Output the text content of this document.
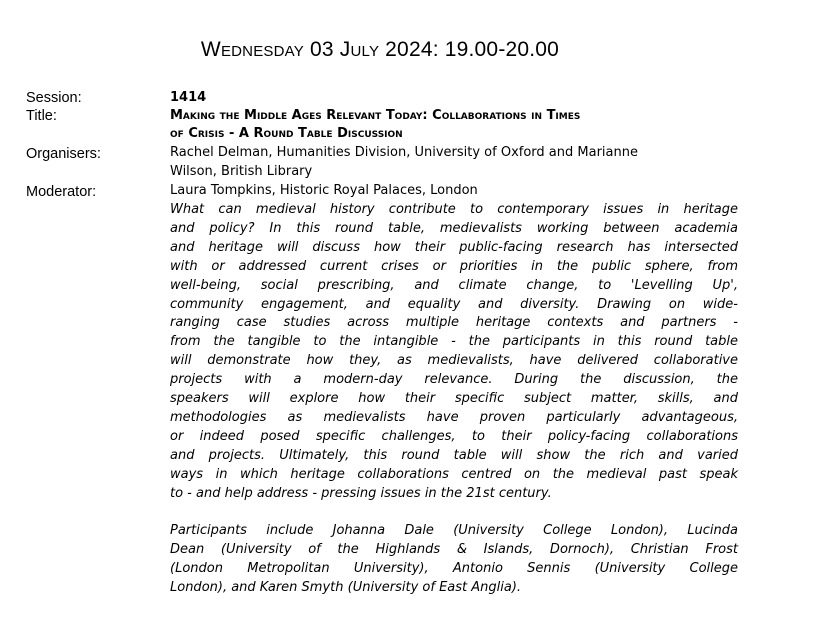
Wednesday 03 July 2024: 19.00-20.00
Session:	1414
Title:	Making the Middle Ages Relevant Today: Collaborations in Times
of Crisis - A Round Table Discussion
Organisers:	Rachel Delman, Humanities Division, University of Oxford and Marianne
Wilson, British Library
Moderator:	Laura Tompkins, Historic Royal Palaces, London
What can medieval history contribute to contemporary issues in heritage
and policy? In this round table, medievalists working between academia
and heritage will discuss how their public-facing research has intersected
with or addressed current crises or priorities in the public sphere, from
well-being, social prescribing, and climate change, to 'Levelling Up',
community engagement, and equality and diversity. Drawing on wide-
ranging case studies across multiple heritage contexts and partners -
from the tangible to the intangible - the participants in this round table
will demonstrate how they, as medievalists, have delivered collaborative
projects with a modern-day relevance. During the discussion, the
speakers will explore how their specific subject matter, skills, and
methodologies as medievalists have proven particularly advantageous,
or indeed posed specific challenges, to their policy-facing collaborations
and projects. Ultimately, this round table will show the rich and varied
ways in which heritage collaborations centred on the medieval past speak
to - and help address - pressing issues in the 21st century.
Participants include Johanna Dale (University College London), Lucinda
Dean (University of the Highlands & Islands, Dornoch), Christian Frost
(London Metropolitan University), Antonio Sennis (University College
London), and Karen Smyth (University of East Anglia).
